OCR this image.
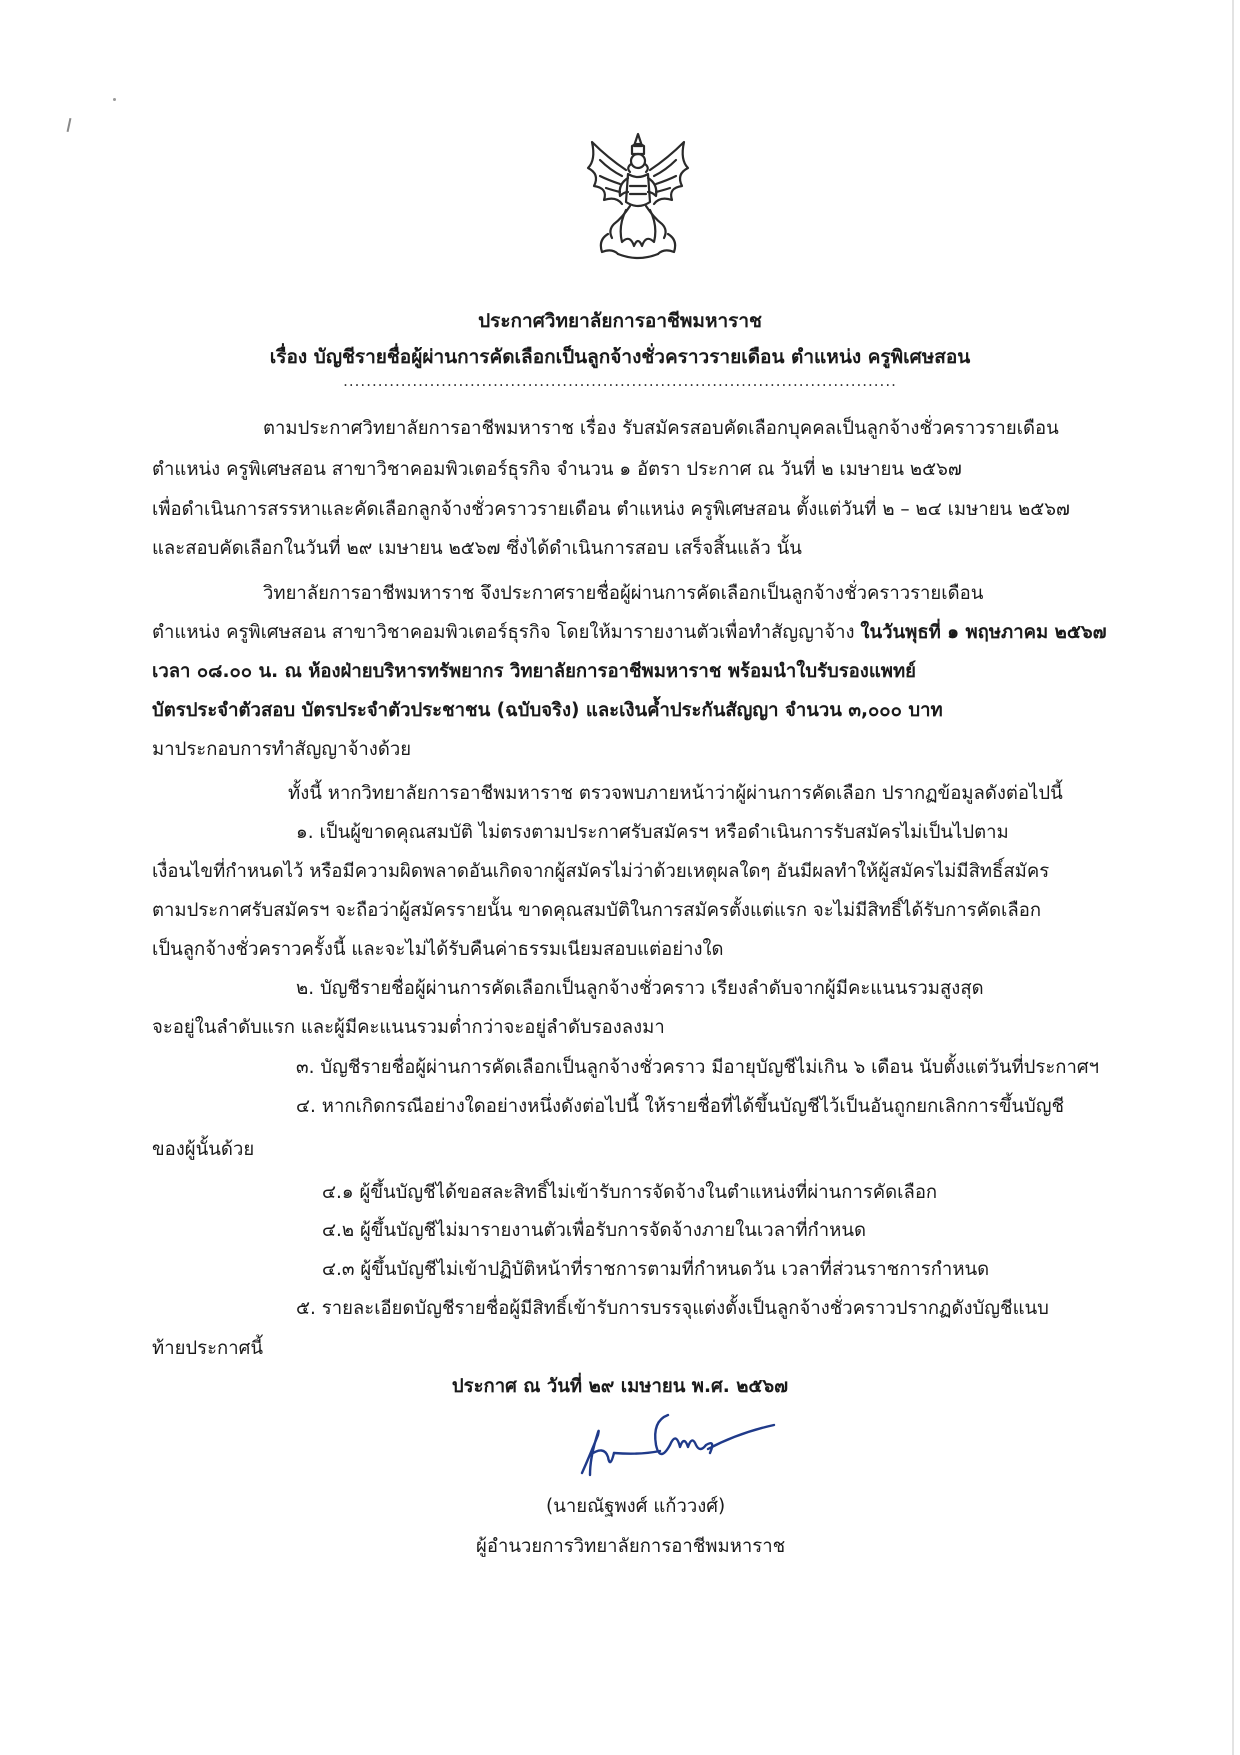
ประกาศวิทยาลัยการอาชีพมหาราช
เรื่อง บัญชีรายชื่อผู้ผ่านการคัดเลือกเป็นลูกจ้างชั่วคราวรายเดือน ตำแหน่ง ครูพิเศษสอน
................................................................................................
ตามประกาศวิทยาลัยการอาชีพมหาราช เรื่อง รับสมัครสอบคัดเลือกบุคคลเป็นลูกจ้างชั่วคราวรายเดือน
ตำแหน่ง ครูพิเศษสอน สาขาวิชาคอมพิวเตอร์ธุรกิจ จำนวน ๑ อัตรา ประกาศ ณ วันที่ ๒ เมษายน ๒๕๖๗
เพื่อดำเนินการสรรหาและคัดเลือกลูกจ้างชั่วคราวรายเดือน ตำแหน่ง ครูพิเศษสอน ตั้งแต่วันที่ ๒ – ๒๔ เมษายน ๒๕๖๗
และสอบคัดเลือกในวันที่ ๒๙ เมษายน ๒๕๖๗ ซึ่งได้ดำเนินการสอบ เสร็จสิ้นแล้ว นั้น
วิทยาลัยการอาชีพมหาราช จึงประกาศรายชื่อผู้ผ่านการคัดเลือกเป็นลูกจ้างชั่วคราวรายเดือน
ตำแหน่ง ครูพิเศษสอน สาขาวิชาคอมพิวเตอร์ธุรกิจ โดยให้มารายงานตัวเพื่อทำสัญญาจ้าง ในวันพุธที่ ๑ พฤษภาคม ๒๕๖๗
เวลา ๐๘.๐๐ น. ณ ห้องฝ่ายบริหารทรัพยากร วิทยาลัยการอาชีพมหาราช พร้อมนำใบรับรองแพทย์
บัตรประจำตัวสอบ บัตรประจำตัวประชาชน (ฉบับจริง) และเงินค้ำประกันสัญญา จำนวน ๓,๐๐๐ บาท
มาประกอบการทำสัญญาจ้างด้วย
ทั้งนี้ หากวิทยาลัยการอาชีพมหาราช ตรวจพบภายหน้าว่าผู้ผ่านการคัดเลือก ปรากฏข้อมูลดังต่อไปนี้
๑. เป็นผู้ขาดคุณสมบัติ ไม่ตรงตามประกาศรับสมัครฯ หรือดำเนินการรับสมัครไม่เป็นไปตาม
เงื่อนไขที่กำหนดไว้ หรือมีความผิดพลาดอันเกิดจากผู้สมัครไม่ว่าด้วยเหตุผลใดๆ อันมีผลทำให้ผู้สมัครไม่มีสิทธิ์สมัคร
ตามประกาศรับสมัครฯ จะถือว่าผู้สมัครรายนั้น ขาดคุณสมบัติในการสมัครตั้งแต่แรก จะไม่มีสิทธิ์ได้รับการคัดเลือก
เป็นลูกจ้างชั่วคราวครั้งนี้ และจะไม่ได้รับคืนค่าธรรมเนียมสอบแต่อย่างใด
๒. บัญชีรายชื่อผู้ผ่านการคัดเลือกเป็นลูกจ้างชั่วคราว เรียงลำดับจากผู้มีคะแนนรวมสูงสุด
จะอยู่ในลำดับแรก และผู้มีคะแนนรวมต่ำกว่าจะอยู่ลำดับรองลงมา
๓. บัญชีรายชื่อผู้ผ่านการคัดเลือกเป็นลูกจ้างชั่วคราว มีอายุบัญชีไม่เกิน ๖ เดือน นับตั้งแต่วันที่ประกาศฯ
๔. หากเกิดกรณีอย่างใดอย่างหนึ่งดังต่อไปนี้ ให้รายชื่อที่ได้ขึ้นบัญชีไว้เป็นอันถูกยกเลิกการขึ้นบัญชี
ของผู้นั้นด้วย
๔.๑ ผู้ขึ้นบัญชีได้ขอสละสิทธิ์ไม่เข้ารับการจัดจ้างในตำแหน่งที่ผ่านการคัดเลือก
๔.๒ ผู้ขึ้นบัญชีไม่มารายงานตัวเพื่อรับการจัดจ้างภายในเวลาที่กำหนด
๔.๓ ผู้ขึ้นบัญชีไม่เข้าปฏิบัติหน้าที่ราชการตามที่กำหนดวัน เวลาที่ส่วนราชการกำหนด
๕. รายละเอียดบัญชีรายชื่อผู้มีสิทธิ์เข้ารับการบรรจุแต่งตั้งเป็นลูกจ้างชั่วคราวปรากฏดังบัญชีแนบ
ท้ายประกาศนี้
ประกาศ ณ วันที่ ๒๙ เมษายน พ.ศ. ๒๕๖๗
(นายณัฐพงศ์ แก้ววงศ์)
ผู้อำนวยการวิทยาลัยการอาชีพมหาราช
